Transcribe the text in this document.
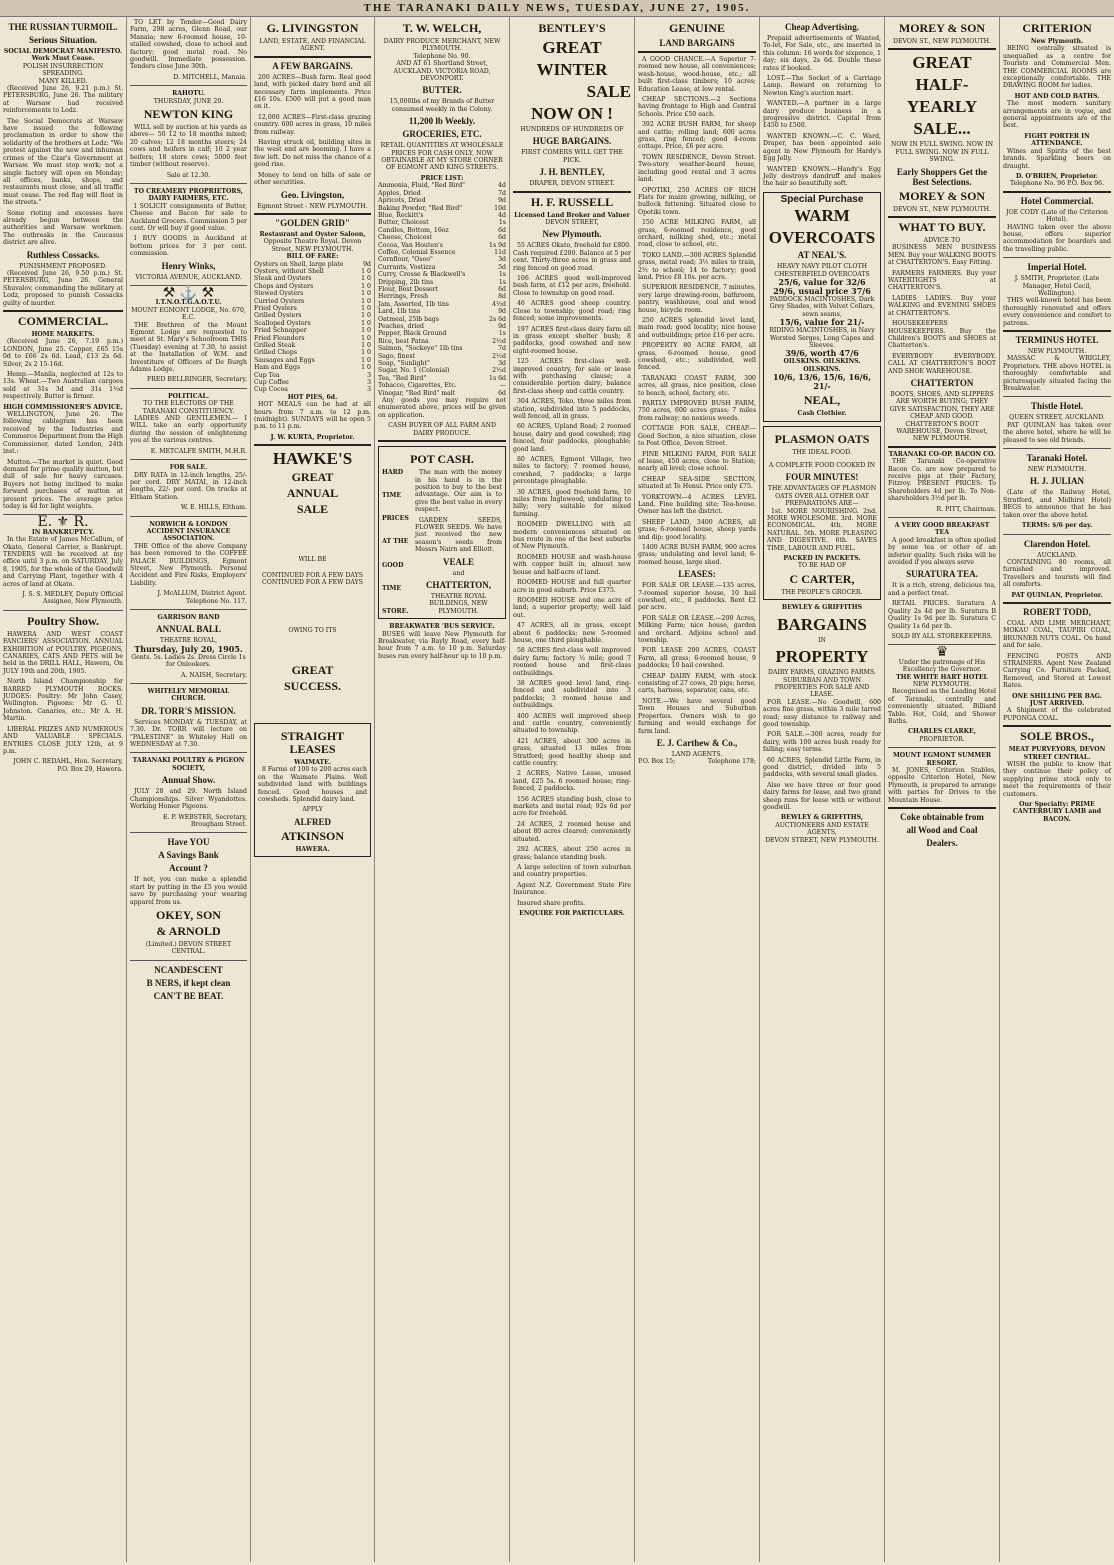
THE TARANAKI DAILY NEWS, TUESDAY, JUNE 27, 1905.
THE RUSSIAN TURMOIL.
Serious Situation.
SOCIAL DEMOCRAT MANIFESTO.
Work Must Cease.
POLISH INSURRECTION SPREADING.
MANY KILLED.

(Received June 26, 9.21 p.m.) St. PETERSBURG, June 26. The military at Warsaw had received reinforcements to Lodz.

The Social Democrats at Warsaw have issued the following proclamation in order to show the solidarity of the brothers at Lodz: "We protest against the new and inhuman crimes of the Czar's Government at Warsaw. We must stop work; not a single factory will open on Monday; all offices, banks, shops, and restaurants must close, and all traffic must cease. The red flag will float in the streets."

Some rioting and excesses have already begun between the authorities and Warsaw workmen. The outbreaks in the Caucasus district are alive.

Ruthless Cossacks.
PUNISHMENT PROPOSED.

(Received June 26, 9.50 p.m.) St. PETERSBURG, June 26. General Shuvalov, commanding the military at Lodz, proposed to punish Cossacks guilty of murder.

COMMERCIAL.
HOME MARKETS.

(Received June 26, 7.19 p.m.) LONDON, June 25. Copper, £65 15s 0d to £66 2s 6d. Lead, £13 2s 6d. Silver, 2s 2 15-16d.

Hemp.—Manila, neglected at 12s to 13s. Wheat.—Two Australian cargoes sold at 31s 3d and 31s 1½d respectively. Butter is firmer.

HIGH COMMISSIONER'S ADVICE.

WELLINGTON, June 26. The following cablegram has been received by the Industries and Commerce Department from the High Commissioner, dated London, 24th inst.:

Mutton.—The market is quiet. Good demand for prime quality mutton, but dull of sale for heavy carcases. Buyers not being inclined to make forward purchases of mutton at present prices. The average price today is 4d for light weights.

E. ⚜ R.
IN BANKRUPTCY.

In the Estate of James McCallum, of Okato, General Carrier, a Bankrupt. TENDERS will be received at my office until 3 p.m. on SATURDAY, July 8, 1905, for the whole of the Goodwill and Carrying Plant, together with 4 acres of land at Okato.

J. S. S. MEDLEY, Deputy Official Assignee, New Plymouth.
Poultry Show.

HAWERA AND WEST COAST FANCIERS' ASSOCIATION. ANNUAL EXHIBITION of POULTRY, PIGEONS, CANARIES, CATS AND PETS will be held in the DRILL HALL, Hawera, On JULY 19th and 20th, 1905.

North Island Championship for BARRED PLYMOUTH ROCKS. JUDGES: Poultry: Mr John Casey, Wellington. Pigeons: Mr G. U. Johnston. Canaries, etc.: Mr A. H. Martin.

LIBERAL PRIZES AND NUMEROUS AND VALUABLE SPECIALS. ENTRIES CLOSE JULY 12th, at 9 p.m.

JOHN C. REDAHL, Hon. Secretary, P.O. Box 29, Hawera.

TO LET by Tender—Good Dairy Farm, 298 acres, Glenn Road, our Manaia; new 6-roomed house, 10-stalled cowshed, close to school and factory; good metal road. No goodwill. Immediate possession. Tenders close June 30th.

D. MITCHELL, Manaia.
RAHOTU.
THURSDAY, JUNE 29.
NEWTON KING

WILL sell by auction at his yards as above— 50 12 to 18 months mixed; 20 calves; 12 18 months steers; 24 cows and heifers in calf; 10 2 year heifers; 18 store cows; 5000 feet timber (without reserve).

Sale at 12.30.
TO CREAMERY PROPRIETORS, DAIRY FARMERS, ETC.

I SOLICIT consignments of Butter, Cheese and Bacon for sale to Auckland Grocers. Commission 5 per cent. Or will buy if good value.

I BUY GOODS in Auckland at bottom prices for 3 per cent. commission.

Henry Winks,
VICTORIA AVENUE, AUCKLAND.
⚒ ⚓ ⚒
I.T.N.O.T.G.A.O.T.U.
MOUNT EGMONT LODGE, No. 670, E.C.

THE Brethren of the Mount Egmont Lodge are requested to meet at St. Mary's Schoolroom THIS (Tuesday) evening at 7.30, to assist at the Installation of W.M. and Investiture of Officers of De Burgh Adams Lodge.

FRED BELLRINGER, Secretary.
POLITICAL.
TO THE ELECTORS OF THE TARANAKI CONSTITUENCY.

LADIES AND GENTLEMEN.— I WILL take an early opportunity during the session of enlightening you at the various centres.

E. METCALFE SMITH, M.H.R.
FOR SALE.

DRY RATA in 12-inch lengths, 25/- per cord. DRY MATAI, in 12-inch lengths, 22/- per cord. On trucks at Eltham Station.

W. E. HILLS, Eltham.
NORWICH & LONDON ACCIDENT INSURANCE ASSOCIATION.

THE Office of the above Company has been removed to the COFFEE PALACE BUILDINGS, Egmont Street, New Plymouth. Personal Accident and Fire Risks, Employers' Liability.

J. McALLUM, District Agent. Telephone No. 117.
GARRISON BAND
ANNUAL BALL
THEATRE ROYAL,
Thursday, July 20, 1905.

Gents. 5s. Ladies 2s. Dress Circle 1s for Onlookers.

A. NAISH, Secretary.
WHITELEY MEMORIAL CHURCH.
DR. TORR'S MISSION.

Services MONDAY & TUESDAY, at 7.30. Dr. TORR will lecture on "PALESTINE" in Whiteley Hall on WEDNESDAY at 7.30.

TARANAKI POULTRY & PIGEON SOCIETY,
Annual Show.

JULY 28 and 29. North Island Championships. Silver Wyandottes. Working Homer Pigeons.

E. P. WEBSTER, Secretary, Brougham Street.
Have YOU
A Savings Bank
Account ?

If not, you can make a splendid start by putting in the £5 you would save by purchasing your wearing apparel from us.

OKEY, SON
& ARNOLD
(Limited.) DEVON STREET CENTRAL.
NCANDESCENT
B NERS, if kept clean
CAN'T BE BEAT.
G. LIVINGSTON
LAND, ESTATE, AND FINANCIAL AGENT.
A FEW BARGAINS.

200 ACRES—Bush farm. Real good land, with picked dairy herd and all necessary farm implements. Price £16 10s. £500 will put a good man on it.

12,000 ACRES—First-class grazing country. 600 acres in grass, 10 miles from railway.

Having struck oil, building sites in the west end are booming. I have a few left. Do not miss the chance of a good rise.

Money to lend on bills of sale or other securities.

Geo. Livingston,
Egmont Street - NEW PLYMOUTH.
"GOLDEN GRID"
Restaurant and Oyster Saloon,
Opposite Theatre Royal. Devon Street, NEW PLYMOUTH.
BILL OF FARE:
Oysters on Shell, large plate	9d
Oysters, without Shell	1 0
Steak and Oysters	1 0
Chops and Oysters	1 0
Stewed Oysters	1 0
Curried Oysters	1 0
Fried Oysters	1 0
Grilled Oysters	1 0
Scalloped Oysters	1 0
Fried Schnapper	1 0
Fried Flounders	1 0
Grilled Steak	1 0
Grilled Chops	1 0
Sausages and Eggs	1 0
Ham and Eggs	1 0
Cup Tea	3
Cup Coffee	3
Cup Cocoa	3
HOT PIES, 6d.

HOT MEALS can be had at all hours from 7 a.m. to 12 p.m. (midnight). SUNDAYS will be open 5 p.m. to 11 p.m.

J. W. KURTA, Proprietor.
HAWKE'S
GREAT
ANNUAL
SALE
WILL BE
CONTINUED FOR A FEW DAYS
CONTINUED FOR A FEW DAYS
OWING TO ITS
GREAT
SUCCESS.
STRAIGHT LEASES
WAIMATE.

8 Farms of 100 to 200 acres each on the Waimate Plains. Well subdivided land with buildings fenced. Good houses and cowsheds. Splendid dairy land.

APPLY
ALFRED
ATKINSON
HAWERA.
T. W. WELCH,
DAIRY PRODUCE MERCHANT, NEW PLYMOUTH.
Telephone No. 90.
AND AT 61 Shortland Street, AUCKLAND. VICTORIA ROAD, DEVONPORT.
BUTTER.

15,000lbs of my Brands of Butter consumed weekly in the Colony.

11,200 lb Weekly.
GROCERIES, ETC.

RETAIL QUANTITIES AT WHOLESALE PRICES FOR CASH ONLY, NOW OBTAINABLE AT MY STORE CORNER OF EGMONT AND KING STREETS.

PRICE LIST:
Ammonia, Fluid, "Red Bird"	4d
Apples, Dried	7d
Apricots, Dried	9d
Baking Powder, "Red Bird"	10d
Blue, Reckitt's	4d
Butter, Choicest	1s
Candles, Bottom, 16oz	6d
Cheese, Choicest	6d
Cocoa, Van Houten's	1s 9d
Coffee, Colonial Essence	11d
Cornflour, "Osoo"	3d
Currants, Vostizza	5d
Curry, Crosse & Blackwell's	1s
Dripping, 2lb tins	1s
Flour, Best Dessert	6d
Herrings, Fresh	8d
Jam, Assorted, 1lb tins	4½d
Lard, 1lb tins	9d
Oatmeal, 25lb bags	2s 6d
Peaches, dried	9d
Pepper, Black Ground	1s
Rice, best Patna	2½d
Salmon, "Sockeye" 1lb tins	7d
Sago, finest	2½d
Soap, "Sunlight"	3d
Sugar, No. 1 (Colonial)	2½d
Tea, "Red Bird"	1s 6d
Tobacco, Cigarettes, Etc.	—
Vinegar, "Red Bird" malt	6d

Any goods you may require not enumerated above, prices will be given on application.

CASH BUYER OF ALL FARM AND DAIRY PRODUCE.

POT CASH.
HARD
TIME
PRICES
AT THE
GOOD
TIME
STORE.

The man with the money in his hand is in the position to buy to the best advantage. Our aim is to give the best value in every respect.

GARDEN SEEDS, FLOWER SEEDS. We have just received the new season's seeds from Messrs Nairn and Elliott.

VEALE
and
CHATTERTON,
THEATRE ROYAL BUILDINGS, NEW PLYMOUTH.
BREAKWATER 'BUS SERVICE.

BUSES will leave New Plymouth for Breakwater, via Bayly Road, every half-hour from 7 a.m. to 10 p.m. Saturday buses run every half-hour up to 10 p.m.

BENTLEY'S
GREAT
WINTER
SALE
NOW ON !
HUNDREDS OF HUNDREDS OF
HUGE BARGAINS.
FIRST COMERS WILL GET THE PICK.
J. H. BENTLEY,
DRAPER, DEVON STREET.
H. F. RUSSELL
Licensed Land Broker and Valuer
DEVON STREET,
New Plymouth.

55 ACRES Okato, freehold for £800. Cash required £200. Balance at 5 per cent. Thirty-three acres in grass and ring fenced on good road.

106 ACRES good well-improved bush farm, at £12 per acre, freehold. Close to township on good road.

46 ACRES good sheep country. Close to township; good road; ring fenced; some improvements.

197 ACRES first-class dairy farm all in grass except shelter bush; 8 paddocks, good cowshed and new eight-roomed house.

125 ACRES first-class well-improved country, for sale or lease with purchasing clause; a considerable portion dairy; balance first-class sheep and cattle country.

304 ACRES, Toko, three miles from station, subdivided into 5 paddocks, well fenced, all in grass.

60 ACRES, Upland Road; 2 roomed house, dairy and good cowshed; ring fenced, four paddocks, ploughable; good land.

80 ACRES, Egmont Village, two miles to factory; 7 roomed house, cowshed, 7 paddocks; a large percentage ploughable.

30 ACRES, good freehold farm, 10 miles from Inglewood, undulating to hilly; very suitable for mixed farming.

ROOMED DWELLING with all modern conveniences situated on bus route in one of the best suburbs of New Plymouth.

ROOMED HOUSE and wash-house with copper built in; almost new house and half-acre of land.

ROOMED HOUSE and full quarter acre in good suburb. Price £375.

ROOMED HOUSE and one acre of land; a superior property; well laid out.

47 ACRES, all in grass, except about 6 paddocks; new 5-roomed house, one third ploughable.

58 ACRES first-class well improved dairy farm; factory ½ mile; good 7 roomed house and first-class outbuildings.

38 ACRES good level land, ring-fenced and subdivided into 3 paddocks; 3 roomed house and outbuildings.

400 ACRES well improved sheep and cattle country, conveniently situated to township.

421 ACRES, about 300 acres in grass, situated 13 miles from Stratford; good healthy sheep and cattle country.

2 ACRES, Native Lease, unused land, £25 5s. 6 roomed house; ring-fenced, 2 paddocks.

156 ACRES standing bush, close to markets and metal road; 92s 6d per acre for freehold.

24 ACRES, 2 roomed house and about 80 acres cleared; conveniently situated.

292 ACRES, about 250 acres in grass; balance standing bush.

A large selection of town suburban and country properties.

Agent N.Z. Government State Fire Insurance.

Insured share profits.

ENQUIRE FOR PARTICULARS.
GENUINE
LAND BARGAINS

A GOOD CHANCE.—A Superior 7-roomed new house, all conveniences; wash-house, wood-house, etc.; all built first-class timbers; 10 acres; Education Lease, at low rental.

CHEAP SECTIONS.—2 Sections having frontage to High and Central Schools. Price £50 each.

392 ACRE BUSH FARM, for sheep and cattle; rolling land; 600 acres grass, ring fenced; good 4-room cottage. Price, £6 per acre.

TOWN RESIDENCE, Devon Street. Two-story weather-board house, including good rental and 3 acres land.

OPOTIKI, 250 ACRES OF RICH Flats for maize growing, milking, or bullock fattening. Situated close to Opotiki town.

150 ACRE MILKING FARM, all grass, 6-roomed residence, good orchard, milking shed, etc.; metal road, close to school, etc.

TOKO LAND.—300 ACRES Splendid grass, metal road; 3½ miles to train, 2½ to school; 14 to factory; good land. Price £8 10s. per acre.

SUPERIOR RESIDENCE, 7 minutes, very large drawing-room, bathroom, pantry, washhouse, coal and wood house, bicycle room.

250 ACRES splendid level land, main road; good locality; nice house and outbuildings; price £16 per acre.

PROPERTY 80 ACRE FARM, all grass, 6-roomed house, good cowshed, etc.; subdivided, well fenced.

TARANAKI COAST FARM, 300 acres, all grass, nice position, close to beach, school, factory, etc.

PARTLY IMPROVED BUSH FARM, 750 acres, 600 acres grass; 7 miles from railway; no noxious weeds.

COTTAGE FOR SALE, CHEAP.—Good Section, a nice situation, close to Post Office, Devon Street.

FINE MILKING FARM, FOR SALE of lease, 450 acres, close to Station; nearly all level; close school.

CHEAP SEA-SIDE SECTION, situated at Te Henui. Price only £75.

YORKTOWN—4 ACRES LEVEL Land. Fine building site; Tea-house. Owner has left the district.

SHEEP LAND, 3400 ACRES, all grass; 6-roomed house, sheep yards and dip; good locality.

1400 ACRE BUSH FARM, 900 acres grass; undulating and level land; 6-roomed house, large shed.

LEASES:

FOR SALE OR LEASE.—135 acres, 7-roomed superior house, 10 bail cowshed, etc., 8 paddocks. Rent £2 per acre.

FOR SALE OR LEASE.—200 Acres, Milking Farm; nice house, garden and orchard. Adjoins school and township.

FOR LEASE 200 ACRES, COAST Farm, all grass; 6-roomed house, 9 paddocks; 10 bail cowshed.

CHEAP DAIRY FARM, with stock consisting of 27 cows, 20 pigs; horse, carts, harness, separator, cans, etc.

NOTE.—We have several good Town Houses and Suburban Properties. Owners wish to go farming and would exchange for farm land.

E. J. Carthew & Co.,
LAND AGENTS.
P.O. Box 15;	Telephone 178;
Cheap Advertising.

Prepaid advertisements of Wanted, To-let, For Sale, etc., are inserted in this column: 16 words for sixpence, 1 day; six days, 2s 6d. Double these rates if booked.

LOST.—The Socket of a Carriage Lamp. Reward on returning to Newton King's auction mart.

WANTED.—A partner in a large dairy produce business in a progressive district. Capital from £450 to £500.

WANTED KNOWN.—C. C. Ward, Draper, has been appointed sole agent in New Plymouth for Hardy's Egg Jelly.

WANTED KNOWN.—Handy's Egg Jelly destroys dandruff and makes the hair so beautifully soft.

Special Purchase
WARM
OVERCOATS
AT NEAL'S.
HEAVY NAVY PILOT CLOTH CHESTERFIELD OVERCOATS
25/6, value for 32/6
29/6, usual price 37/6
PADDOCK MACINTOSHES, Dark Grey Shades, with Velvet Collars, sewn seams,
15/6, value for 21/-
RIDING MACINTOSHES, in Navy Worsted Serges, Long Capes and Sleeves.
39/6, worth 47/6
OILSKINS. OILSKINS. OILSKINS.
10/6, 13/6, 15/6, 16/6, 21/-
NEAL,
Cash Clothier.
PLASMON OATS
THE IDEAL FOOD.
A COMPLETE FOOD COOKED IN
FOUR MINUTES!
THE ADVANTAGES OF PLASMON OATS OVER ALL OTHER OAT PREPARATIONS ARE—

1st. MORE NOURISHING. 2nd. MORE WHOLESOME. 3rd. MORE ECONOMICAL. 4th. MORE NATURAL. 5th. MORE PLEASING AND DIGESTIVE. 6th. SAVES TIME, LABOUR AND FUEL.

PACKED IN PACKETS.
TO BE HAD OF
C CARTER,
THE PEOPLE'S GROCER.
BEWLEY & GRIFFITHS
BARGAINS
IN
PROPERTY
DAIRY FARMS, GRAZING FARMS. SUBURBAN AND TOWN PROPERTIES FOR SALE AND LEASE.

FOR LEASE.—No Goodwill, 600 acres fine grass, within 3 mile tarred road; easy distance to railway and good township.

FOR SALE.—300 acres, ready for dairy, with 100 acres bush ready for falling; easy terms.

60 ACRES, Splendid Little Farm, in good district, divided into 5 paddocks, with several small glades.

Also we have three or four good dairy farms for lease, and two grand sheep runs for lease with or without goodwill.

BEWLEY & GRIFFITHS,
AUCTIONEERS AND ESTATE AGENTS,
DEVON STREET, NEW PLYMOUTH.
MOREY & SON
DEVON ST., NEW PLYMOUTH.
GREAT
HALF-
YEARLY
SALE...
NOW IN FULL SWING. NOW IN FULL SWING. NOW IN FULL SWING.
Early Shoppers Get the Best Selections.
MOREY & SON
DEVON ST., NEW PLYMOUTH.
WHAT TO BUY.
ADVICE TO

BUSINESS MEN BUSINESS MEN. Buy your WALKING BOOTS at CHATTERTON'S. Easy Fitting.

FARMERS FARMERS. Buy your WATERTIGHTS at CHATTERTON'S.

LADIES LADIES. Buy your WALKING and EVENING SHOES at CHATTERTON'S.

HOUSEKEEPERS HOUSEKEEPERS. Buy the Children's BOOTS and SHOES at Chatterton's.

EVERYBODY EVERYBODY. CALL AT CHATTERTON'S BOOT AND SHOE WAREHOUSE.

CHATTERTON

BOOTS, SHOES, AND SLIPPERS ARE WORTH BUYING; THEY GIVE SATISFACTION, THEY ARE CHEAP AND GOOD. CHATTERTON'S BOOT WAREHOUSE, Devon Street, NEW PLYMOUTH.

TARANAKI CO-OP. BACON CO.

THE Taranaki Co-operative Bacon Co. are now prepared to receive pigs at their Factory, Fitzroy. PRESENT PRICES: To Shareholders 4d per lb. To Non-shareholders 3½d per lb.

R. PITT, Chairman.
A VERY GOOD BREAKFAST TEA

A good breakfast is often spoiled by some tea or other of an inferior quality. Such risks will be avoided if you always serve

SURATURA TEA.

It is a rich, strong, delicious tea, and a perfect treat.

RETAIL PRICES. Suratura A Quality 2s 4d per lb. Suratura B Quality 1s 9d per lb. Suratura C Quality 1s 6d per lb.

SOLD BY ALL STOREKEEPERS.
♛
Under the patronage of His Excellency the Governor.
THE WHITE HART HOTEL
NEW PLYMOUTH.

Recognised as the Leading Hotel of Taranaki, centrally and conveniently situated. Billiard Table. Hot, Cold, and Shower Baths.

CHARLES CLARKE,
PROPRIETOR.
MOUNT EGMONT SUMMER RESORT.

M. JONES, Criterion Stables, opposite Criterion Hotel, New Plymouth, is prepared to arrange with parties for Drives to the Mountain House.

Coke obtainable from
all Wood and Coal
Dealers.
CRITERION
New Plymouth.

BEING centrally situated is unequalled as a centre for Tourists and Commercial Men. THE COMMERCIAL ROOMS are exceptionally comfortable. THE DRAWING ROOM for ladies.

HOT AND COLD BATHS.

The most modern sanitary arrangements are in vogue, and general appointments are of the best.

FIGHT PORTER IN ATTENDANCE.

Wines and Spirits of the best brands. Sparkling beers on draught.

D. O'BRIEN, Proprietor.
Telephone No. 96 P.O. Box 96.
Hotel Commercial.
JOE CODY (Late of the Criterion Hotel).

HAVING taken over the above house, offers superior accommodation for boarders and the travelling public.

Imperial Hotel.
J. SMITH, Proprietor. (Late Manager, Hotel Cecil, Wellington).

THIS well-known hotel has been thoroughly renovated and offers every convenience and comfort to patrons.

TERMINUS HOTEL
NEW PLYMOUTH.

MASSAC & WRIGLEY, Proprietors. THE above HOTEL is thoroughly comfortable and picturesquely situated facing the Breakwater.

Thistle Hotel.
QUEEN STREET, AUCKLAND.

PAT QUINLAN has taken over the above hotel, where he will be pleased to see old friends.

Taranaki Hotel.
NEW PLYMOUTH.
H. J. JULIAN

(Late of the Railway Hotel, Stratford, and Midhirst Hotel) BEGS to announce that he has taken over the above hotel.

TERMS: $/6 per day.
Clarendon Hotel.
AUCKLAND.

CONTAINING 80 rooms, all furnished and improved. Travellers and tourists will find all comforts.

PAT QUINLAN, Proprietor.
ROBERT TODD,

COAL AND LIME MERCHANT, MOKAU COAL, TAUPIRI COAL, BRUNNER NUTS COAL. On hand and for sale.

FENCING POSTS AND STRAINERS. Agent New Zealand Carrying Co. Furniture Packed, Removed, and Stored at Lowest Rates.

ONE SHILLING PER BAG.
JUST ARRIVED.

A Shipment of the celebrated PUPONGA COAL.

SOLE BROS.,
MEAT PURVEYORS, DEVON STREET CENTRAL.

WISH the public to know that they continue their policy of supplying prime stock only to meet the requirements of their customers.

Our Specialty: PRIME CANTERBURY LAMB and BACON.
